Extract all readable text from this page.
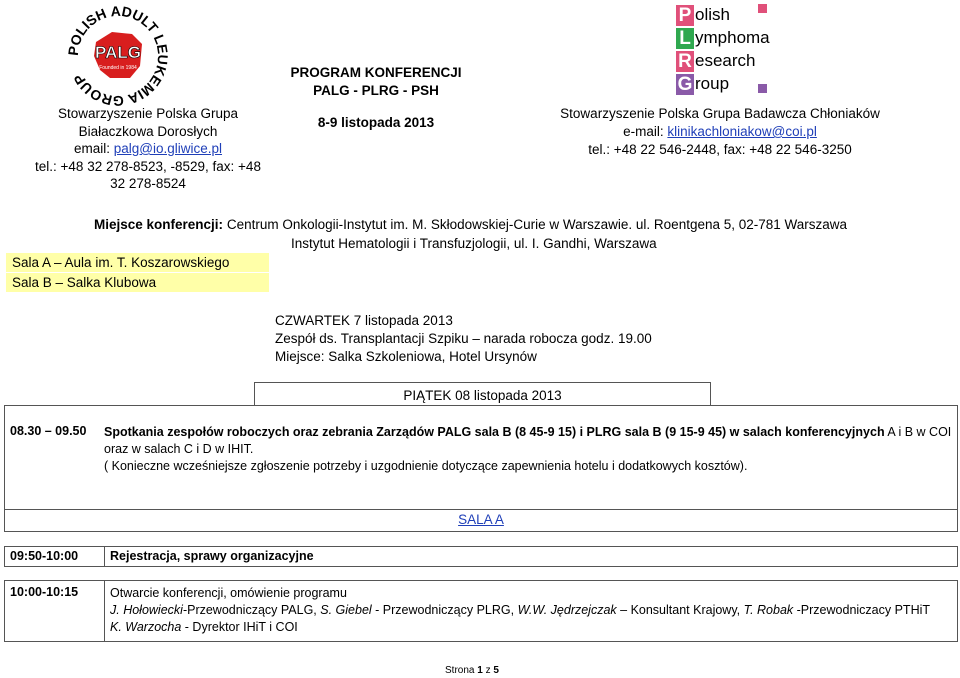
POLISH ADULT LEUKEMIA GROUP
PALG
Founded in 1984
Stowarzyszenie Polska Grupa
Białaczkowa Dorosłych
email: palg@io.gliwice.pl
tel.: +48 32 278-8523, -8529, fax: +48
32 278-8524
PROGRAM KONFERENCJI
PALG - PLRG - PSH
8-9 listopada 2013
P olish
L ymphoma
R esearch
G roup
Stowarzyszenie Polska Grupa Badawcza Chłoniaków
e-mail: klinikachloniakow@coi.pl
tel.: +48 22 546-2448, fax: +48 22 546-3250
Miejsce konferencji: Centrum Onkologii-Instytut im. M. Skłodowskiej-Curie w Warszawie. ul. Roentgena 5, 02-781 Warszawa
Instytut Hematologii i Transfuzjologii, ul. I. Gandhi, Warszawa
Sala A – Aula im. T. Koszarowskiego
Sala B – Salka Klubowa
CZWARTEK 7 listopada 2013
Zespół ds. Transplantacji Szpiku – narada robocza godz. 19.00
Miejsce: Salka Szkoleniowa, Hotel Ursynów
PIĄTEK 08 listopada 2013
08.30 – 09.50 Spotkania zespołów roboczych oraz zebrania Zarządów PALG sala B (8 45-9 15) i PLRG sala B (9 15-9 45) w salach konferencyjnych A i B w COI
oraz w salach C i D w IHIT.
( Konieczne wcześniejsze zgłoszenie potrzeby i uzgodnienie dotyczące zapewnienia hotelu i dodatkowych kosztów).
SALA A
09:50-10:00	Rejestracja, sprawy organizacyjne
10:00-10:15	Otwarcie konferencji, omówienie programu
J. Hołowiecki-Przewodniczący PALG, S. Giebel - Przewodniczący PLRG, W.W. Jędrzejczak – Konsultant Krajowy, T. Robak -Przewodniczacy PTHiT
K. Warzocha - Dyrektor IHiT i COI
Strona 1 z 5
